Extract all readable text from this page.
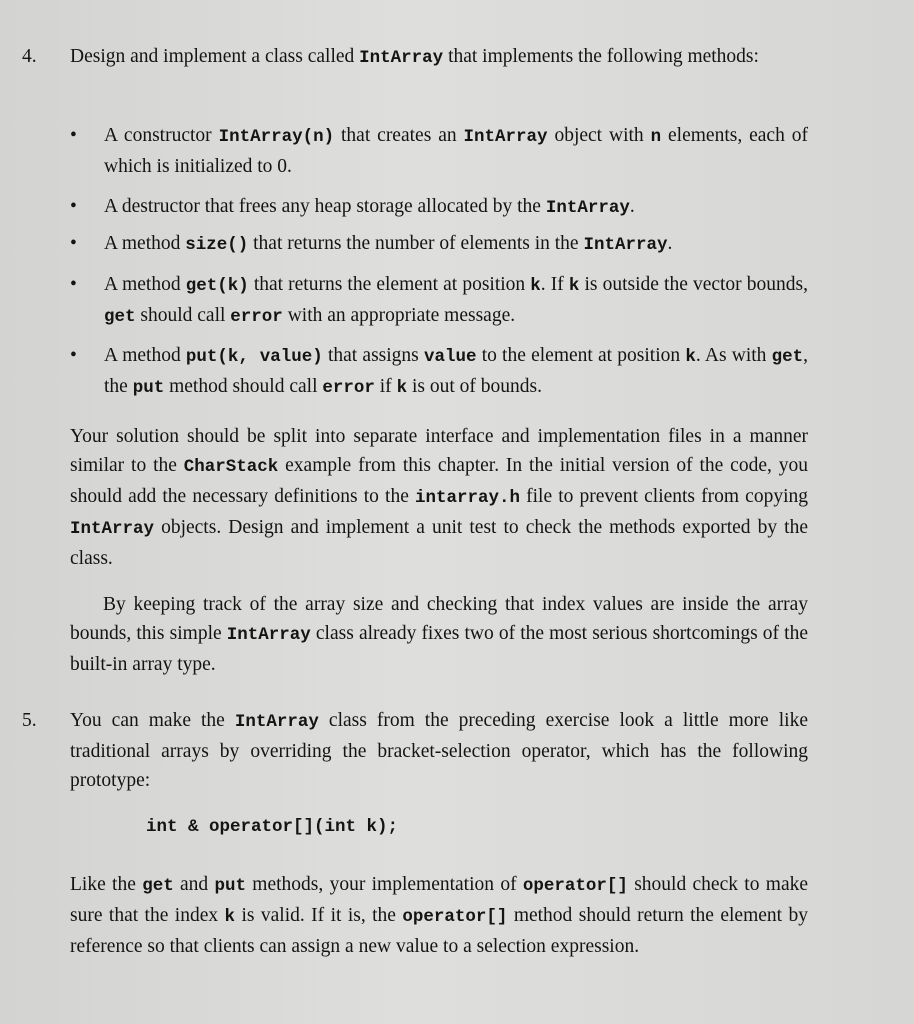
4. Design and implement a class called IntArray that implements the following methods:
• A constructor IntArray(n) that creates an IntArray object with n elements, each of which is initialized to 0.
• A destructor that frees any heap storage allocated by the IntArray.
• A method size() that returns the number of elements in the IntArray.
• A method get(k) that returns the element at position k. If k is outside the vector bounds, get should call error with an appropriate message.
• A method put(k, value) that assigns value to the element at position k. As with get, the put method should call error if k is out of bounds.
Your solution should be split into separate interface and implementation files in a manner similar to the CharStack example from this chapter. In the initial version of the code, you should add the necessary definitions to the intarray.h file to prevent clients from copying IntArray objects. Design and implement a unit test to check the methods exported by the class.
By keeping track of the array size and checking that index values are inside the array bounds, this simple IntArray class already fixes two of the most serious shortcomings of the built-in array type.
5. You can make the IntArray class from the preceding exercise look a little more like traditional arrays by overriding the bracket-selection operator, which has the following prototype:
int & operator[](int k);
Like the get and put methods, your implementation of operator[] should check to make sure that the index k is valid. If it is, the operator[] method should return the element by reference so that clients can assign a new value to a selection expression.
